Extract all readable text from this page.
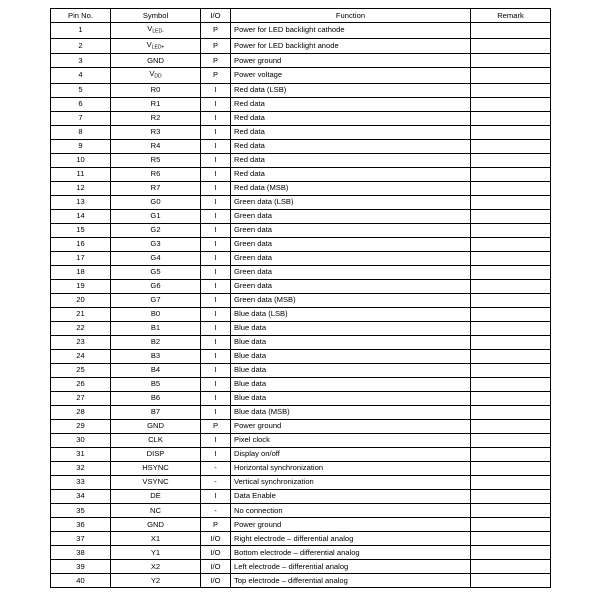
Pin No.	Symbol	I/O	Function	Remark
1	$V_{LED-}$	P	Power for LED backlight cathode	
2	$V_{LED+}$	P	Power for LED backlight anode	
3	GND	P	Power ground	
4	$V_{DD}$	P	Power voltage	
5	R0	I	Red data (LSB)	
6	R1	I	Red data	
7	R2	I	Red data	
8	R3	I	Red data	
9	R4	I	Red data	
10	R5	I	Red data	
11	R6	I	Red data	
12	R7	I	Red data (MSB)	
13	G0	I	Green data (LSB)	
14	G1	I	Green data	
15	G2	I	Green data	
16	G3	I	Green data	
17	G4	I	Green data	
18	G5	I	Green data	
19	G6	I	Green data	
20	G7	I	Green data (MSB)	
21	B0	I	Blue data (LSB)	
22	B1	I	Blue data	
23	B2	I	Blue data	
24	B3	I	Blue data	
25	B4	I	Blue data	
26	B5	I	Blue data	
27	B6	I	Blue data	
28	B7	I	Blue data (MSB)	
29	GND	P	Power ground	
30	CLK	I	Pixel clock	
31	DISP	I	Display on/off	
32	HSYNC	-	Horizontal synchronization	
33	VSYNC	-	Vertical synchronization	
34	DE	I	Data Enable	
35	NC	-	No connection	
36	GND	P	Power ground	
37	X1	I/O	Right electrode – differential analog	
38	Y1	I/O	Bottom electrode – differential analog	
39	X2	I/O	Left electrode – differential analog	
40	Y2	I/O	Top electrode – differential analog	
